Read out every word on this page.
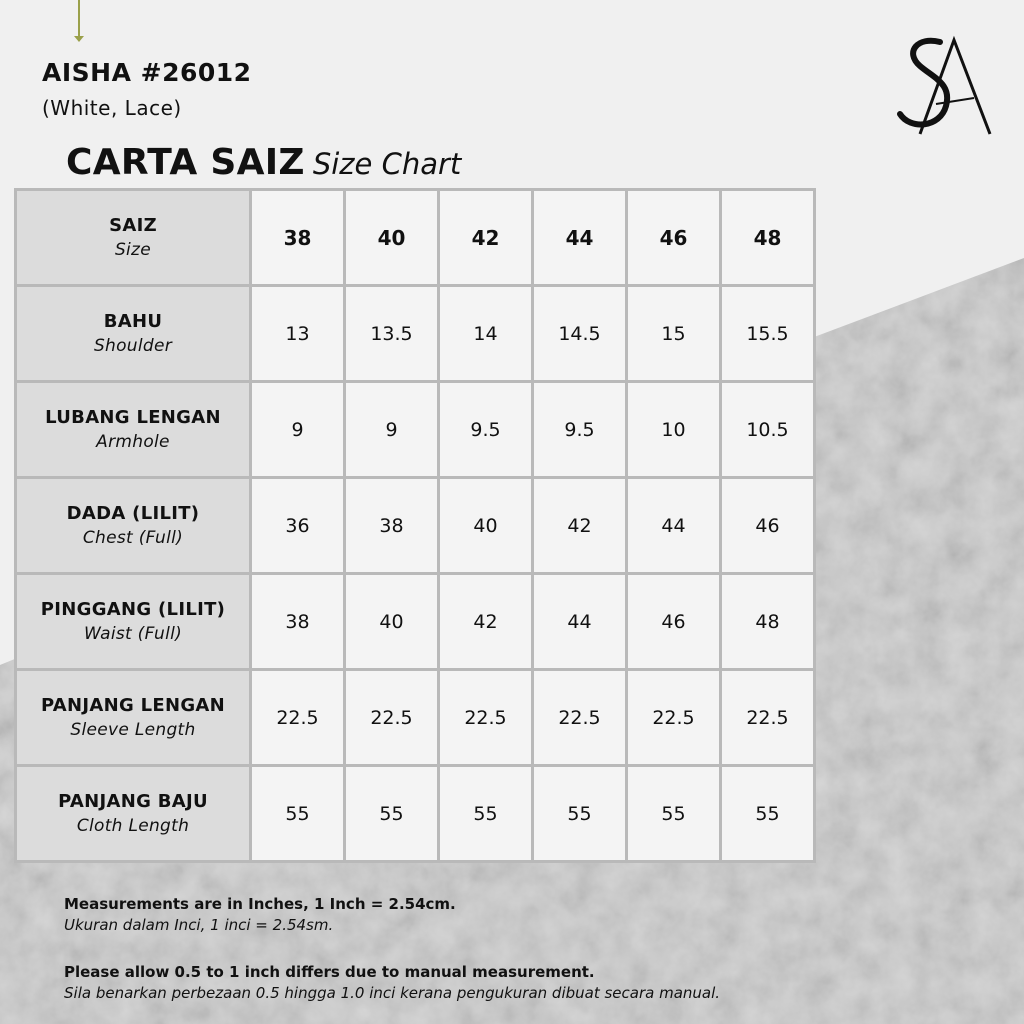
AISHA #26012
(White, Lace)
CARTA SAIZ Size Chart
SAIZ
Size	38	40	42	44	46	48

BAHU
Shoulder	13	13.5	14	14.5	15	15.5

LUBANG LENGAN
Armhole	9	9	9.5	9.5	10	10.5

DADA (LILIT)
Chest (Full)	36	38	40	42	44	46

PINGGANG (LILIT)
Waist (Full)	38	40	42	44	46	48

PANJANG LENGAN
Sleeve Length	22.5	22.5	22.5	22.5	22.5	22.5

PANJANG BAJU
Cloth Length	55	55	55	55	55	55
Measurements are in Inches, 1 Inch = 2.54cm.
Ukuran dalam Inci, 1 inci = 2.54sm.
Please allow 0.5 to 1 inch differs due to manual measurement.
Sila benarkan perbezaan 0.5 hingga 1.0 inci kerana pengukuran dibuat secara manual.
